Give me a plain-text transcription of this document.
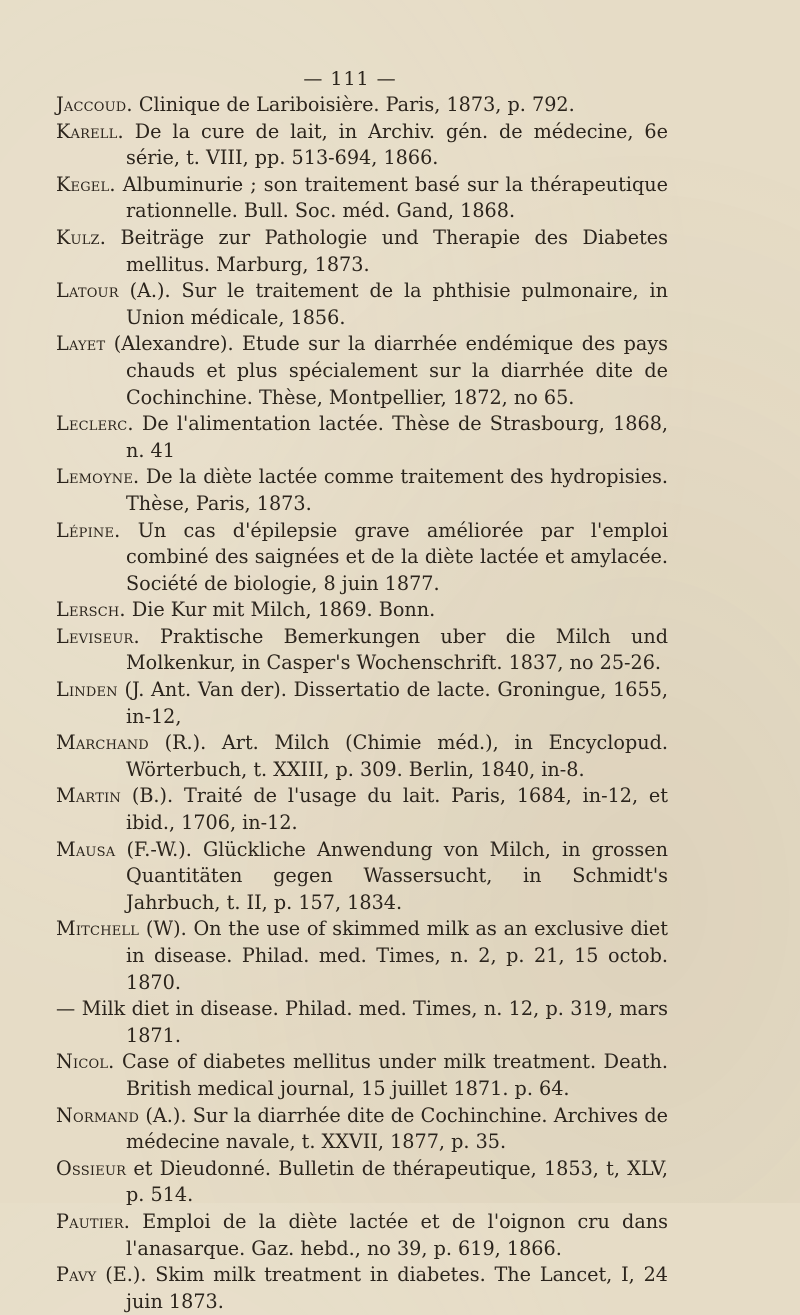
— 111 —

Jaccoud. Clinique de Lariboisière. Paris, 1873, p. 792.

Karell. De la cure de lait, in Archiv. gén. de médecine, 6e série, t. VIII, pp. 513-694, 1866.

Kegel. Albuminurie ; son traitement basé sur la thérapeutique rationnelle. Bull. Soc. méd. Gand, 1868.

Kulz. Beiträge zur Pathologie und Therapie des Diabetes mellitus. Marburg, 1873.

Latour (A.). Sur le traitement de la phthisie pulmonaire, in Union médicale, 1856.

Layet (Alexandre). Etude sur la diarrhée endémique des pays chauds et plus spécialement sur la diarrhée dite de Cochinchine. Thèse, Montpellier, 1872, no 65.

Leclerc. De l'alimentation lactée. Thèse de Strasbourg, 1868, n. 41

Lemoyne. De la diète lactée comme traitement des hydropisies. Thèse, Paris, 1873.

Lépine. Un cas d'épilepsie grave améliorée par l'emploi combiné des saignées et de la diète lactée et amylacée. Société de biologie, 8 juin 1877.

Lersch. Die Kur mit Milch, 1869. Bonn.

Leviseur. Praktische Bemerkungen uber die Milch und Molkenkur, in Casper's Wochenschrift. 1837, no 25-26.

Linden (J. Ant. Van der). Dissertatio de lacte. Groningue, 1655, in-12,

Marchand (R.). Art. Milch (Chimie méd.), in Encyclopud. Wörterbuch, t. XXIII, p. 309. Berlin, 1840, in-8.

Martin (B.). Traité de l'usage du lait. Paris, 1684, in-12, et ibid., 1706, in-12.

Mausa (F.-W.). Glückliche Anwendung von Milch, in grossen Quantitäten gegen Wassersucht, in Schmidt's Jahrbuch, t. II, p. 157, 1834.

Mitchell (W). On the use of skimmed milk as an exclusive diet in disease. Philad. med. Times, n. 2, p. 21, 15 octob. 1870.

— Milk diet in disease. Philad. med. Times, n. 12, p. 319, mars 1871.

Nicol. Case of diabetes mellitus under milk treatment. Death. British medical journal, 15 juillet 1871. p. 64.

Normand (A.). Sur la diarrhée dite de Cochinchine. Archives de médecine navale, t. XXVII, 1877, p. 35.

Ossieur et Dieudonné. Bulletin de thérapeutique, 1853, t, XLV, p. 514.

Pautier. Emploi de la diète lactée et de l'oignon cru dans l'anasarque. Gaz. hebd., no 39, p. 619, 1866.

Pavy (E.). Skim milk treatment in diabetes. The Lancet, I, 24 juin 1873.
